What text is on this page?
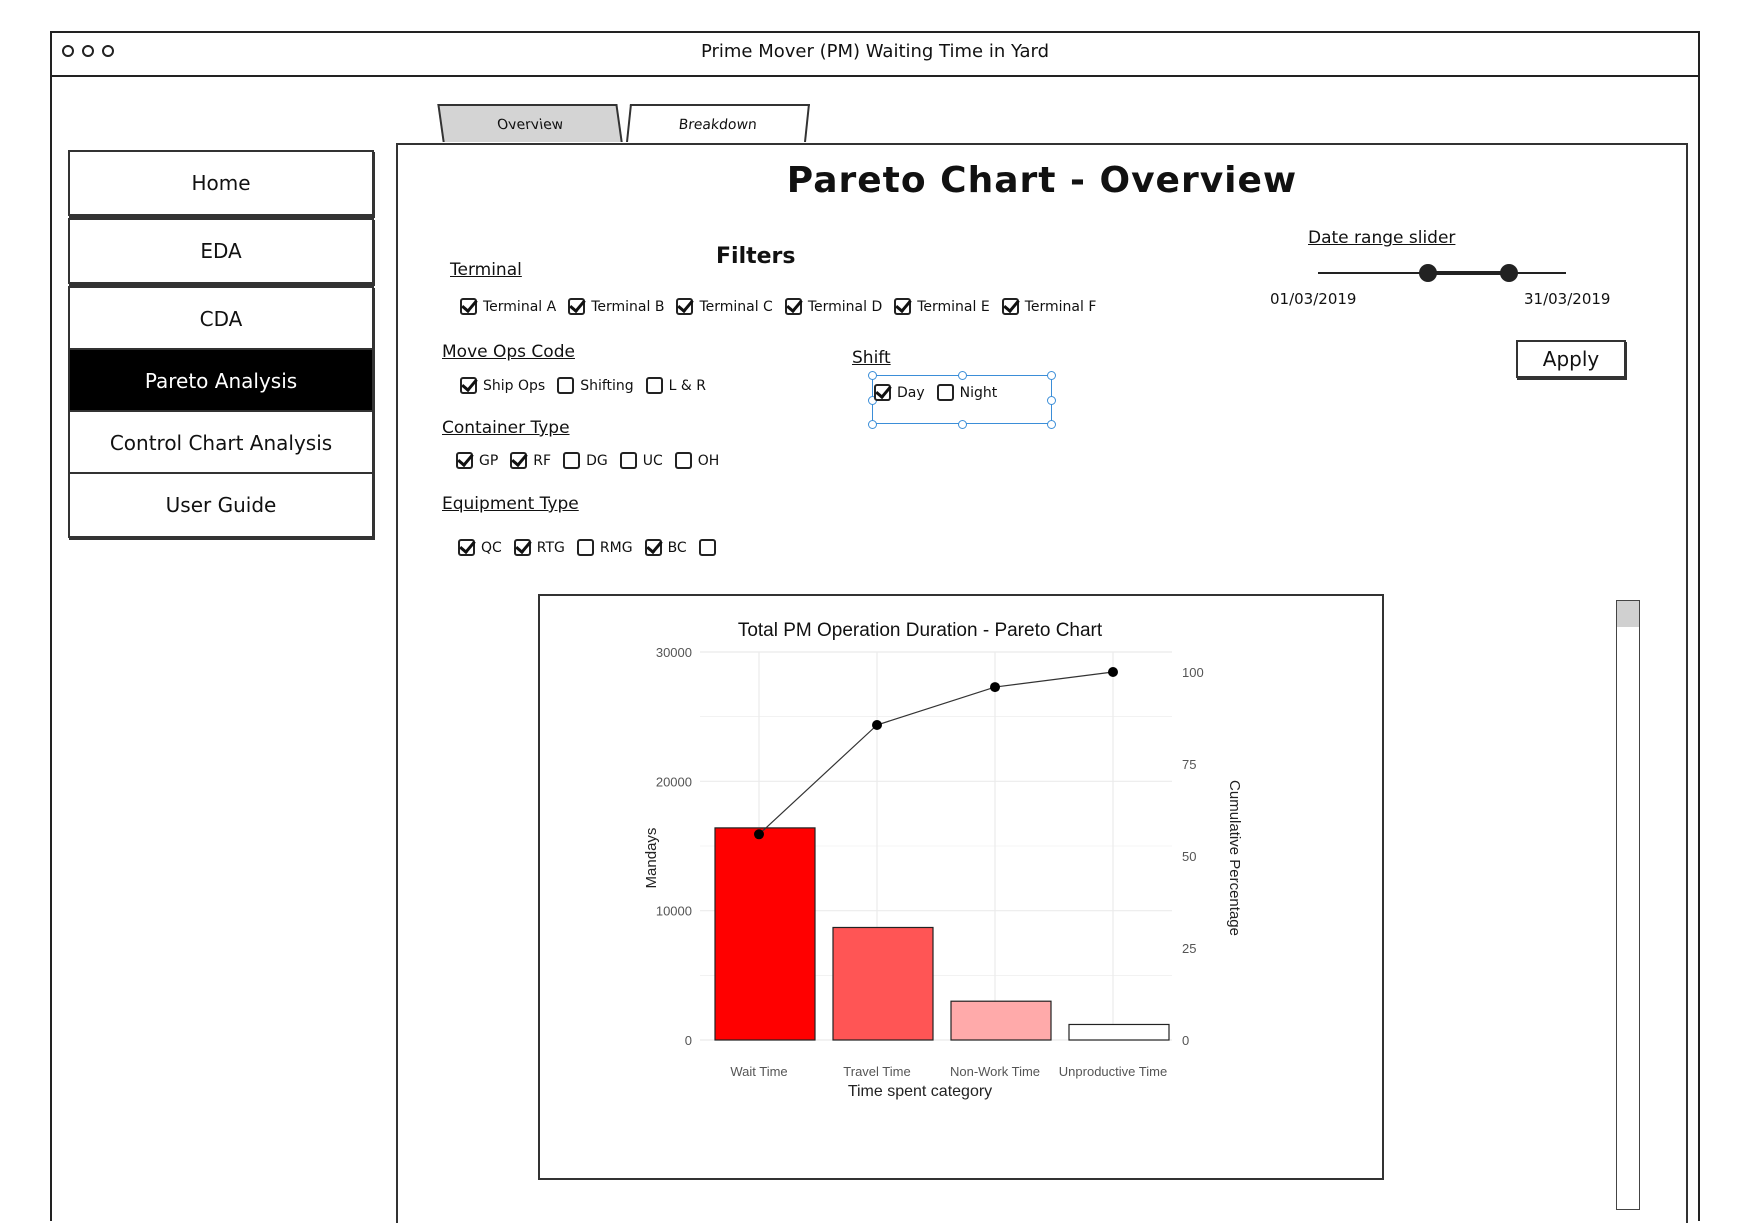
Prime Mover (PM) Waiting Time in Yard
Overview	Breakdown
Home
EDA
CDA
Pareto Analysis
Control Chart Analysis
User Guide
Pareto Chart - Overview
Filters
Terminal
Terminal A	Terminal B	Terminal C	Terminal D	Terminal E	Terminal F
Move Ops Code
Ship Ops	Shifting	L & R
Shift
Day	Night
Container Type
GP	RF	DG	UC	OH
Equipment Type
QC	RTG	RMG	BC
Date range slider
01/03/2019	31/03/2019
Apply
0
10000
20000
30000
0
25
50
75
100
Wait Time	Travel Time	Non-Work Time Unproductive Time
Total PM Operation Duration - Pareto Chart
Time spent category
Mandays	Cumulative Percentage
